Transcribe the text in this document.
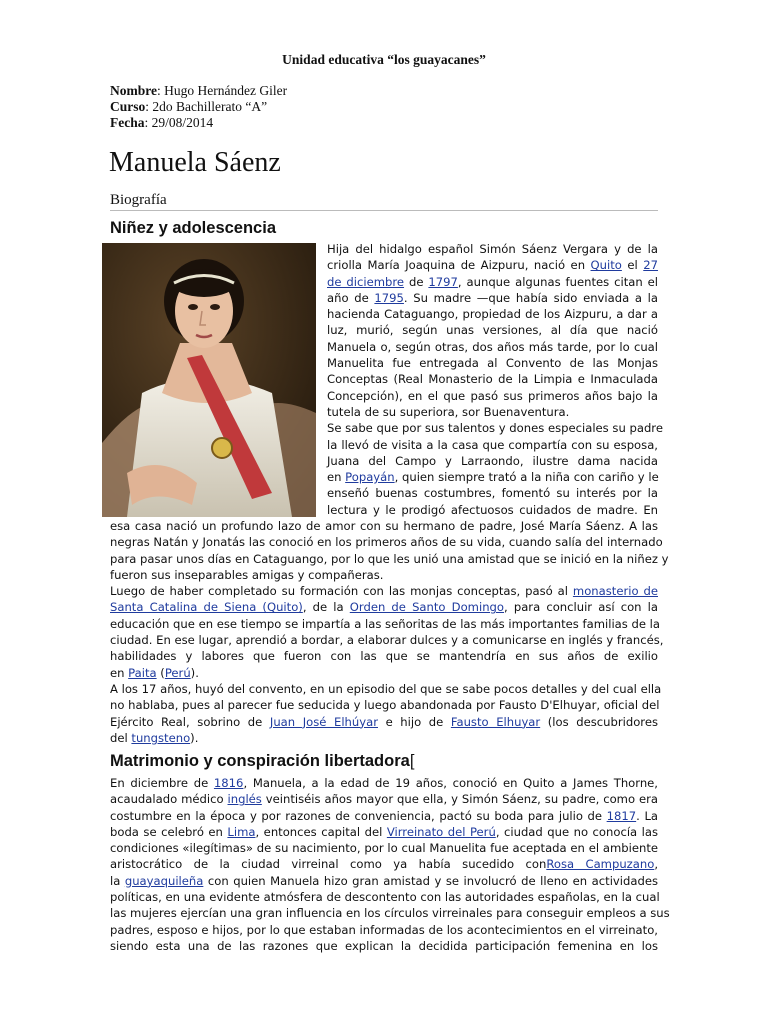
Unidad educativa “los guayacanes”
Nombre: Hugo Hernández Giler
Curso: 2do Bachillerato “A”
Fecha: 29/08/2014
Manuela Sáenz
Biografía
Niñez y adolescencia
Hija del hidalgo español Simón Sáenz Vergara y de la
criolla María Joaquina de Aizpuru, nació en Quito el 27
de diciembre de 1797, aunque algunas fuentes citan el
año de 1795. Su madre —que había sido enviada a la
hacienda Cataguango, propiedad de los Aizpuru, a dar a
luz, murió, según unas versiones, al día que nació
Manuela o, según otras, dos años más tarde, por lo cual
Manuelita fue entregada al Convento de las Monjas
Conceptas (Real Monasterio de la Limpia e Inmaculada
Concepción), en el que pasó sus primeros años bajo la
tutela de su superiora, sor Buenaventura.
Se sabe que por sus talentos y dones especiales su padre
la llevó de visita a la casa que compartía con su esposa,
Juana del Campo y Larraondo, ilustre dama nacida
en Popayán, quien siempre trató a la niña con cariño y le
enseñó buenas costumbres, fomentó su interés por la
lectura y le prodigó afectuosos cuidados de madre. En
esa casa nació un profundo lazo de amor con su hermano de padre, José María Sáenz. A las
negras Natán y Jonatás las conoció en los primeros años de su vida, cuando salía del internado
para pasar unos días en Cataguango, por lo que les unió una amistad que se inició en la niñez y
fueron sus inseparables amigas y compañeras.
Luego de haber completado su formación con las monjas conceptas, pasó al monasterio de
Santa Catalina de Siena (Quito), de la Orden de Santo Domingo, para concluir así con la
educación que en ese tiempo se impartía a las señoritas de las más importantes familias de la
ciudad. En ese lugar, aprendió a bordar, a elaborar dulces y a comunicarse en inglés y francés,
habilidades y labores que fueron con las que se mantendría en sus años de exilio
en Paita (Perú).
A los 17 años, huyó del convento, en un episodio del que se sabe pocos detalles y del cual ella
no hablaba, pues al parecer fue seducida y luego abandonada por Fausto D'Elhuyar, oficial del
Ejército Real, sobrino de Juan José Elhúyar e hijo de Fausto Elhuyar (los descubridores
del tungsteno).
Matrimonio y conspiración libertadora[
En diciembre de 1816, Manuela, a la edad de 19 años, conoció en Quito a James Thorne,
acaudalado médico inglés veintiséis años mayor que ella, y Simón Sáenz, su padre, como era
costumbre en la época y por razones de conveniencia, pactó su boda para julio de 1817. La
boda se celebró en Lima, entonces capital del Virreinato del Perú, ciudad que no conocía las
condiciones «ilegítimas» de su nacimiento, por lo cual Manuelita fue aceptada en el ambiente
aristocrático de la ciudad virreinal como ya había sucedido conRosa Campuzano,
la guayaquileña con quien Manuela hizo gran amistad y se involucró de lleno en actividades
políticas, en una evidente atmósfera de descontento con las autoridades españolas, en la cual
las mujeres ejercían una gran influencia en los círculos virreinales para conseguir empleos a sus
padres, esposo e hijos, por lo que estaban informadas de los acontecimientos en el virreinato,
siendo esta una de las razones que explican la decidida participación femenina en los
